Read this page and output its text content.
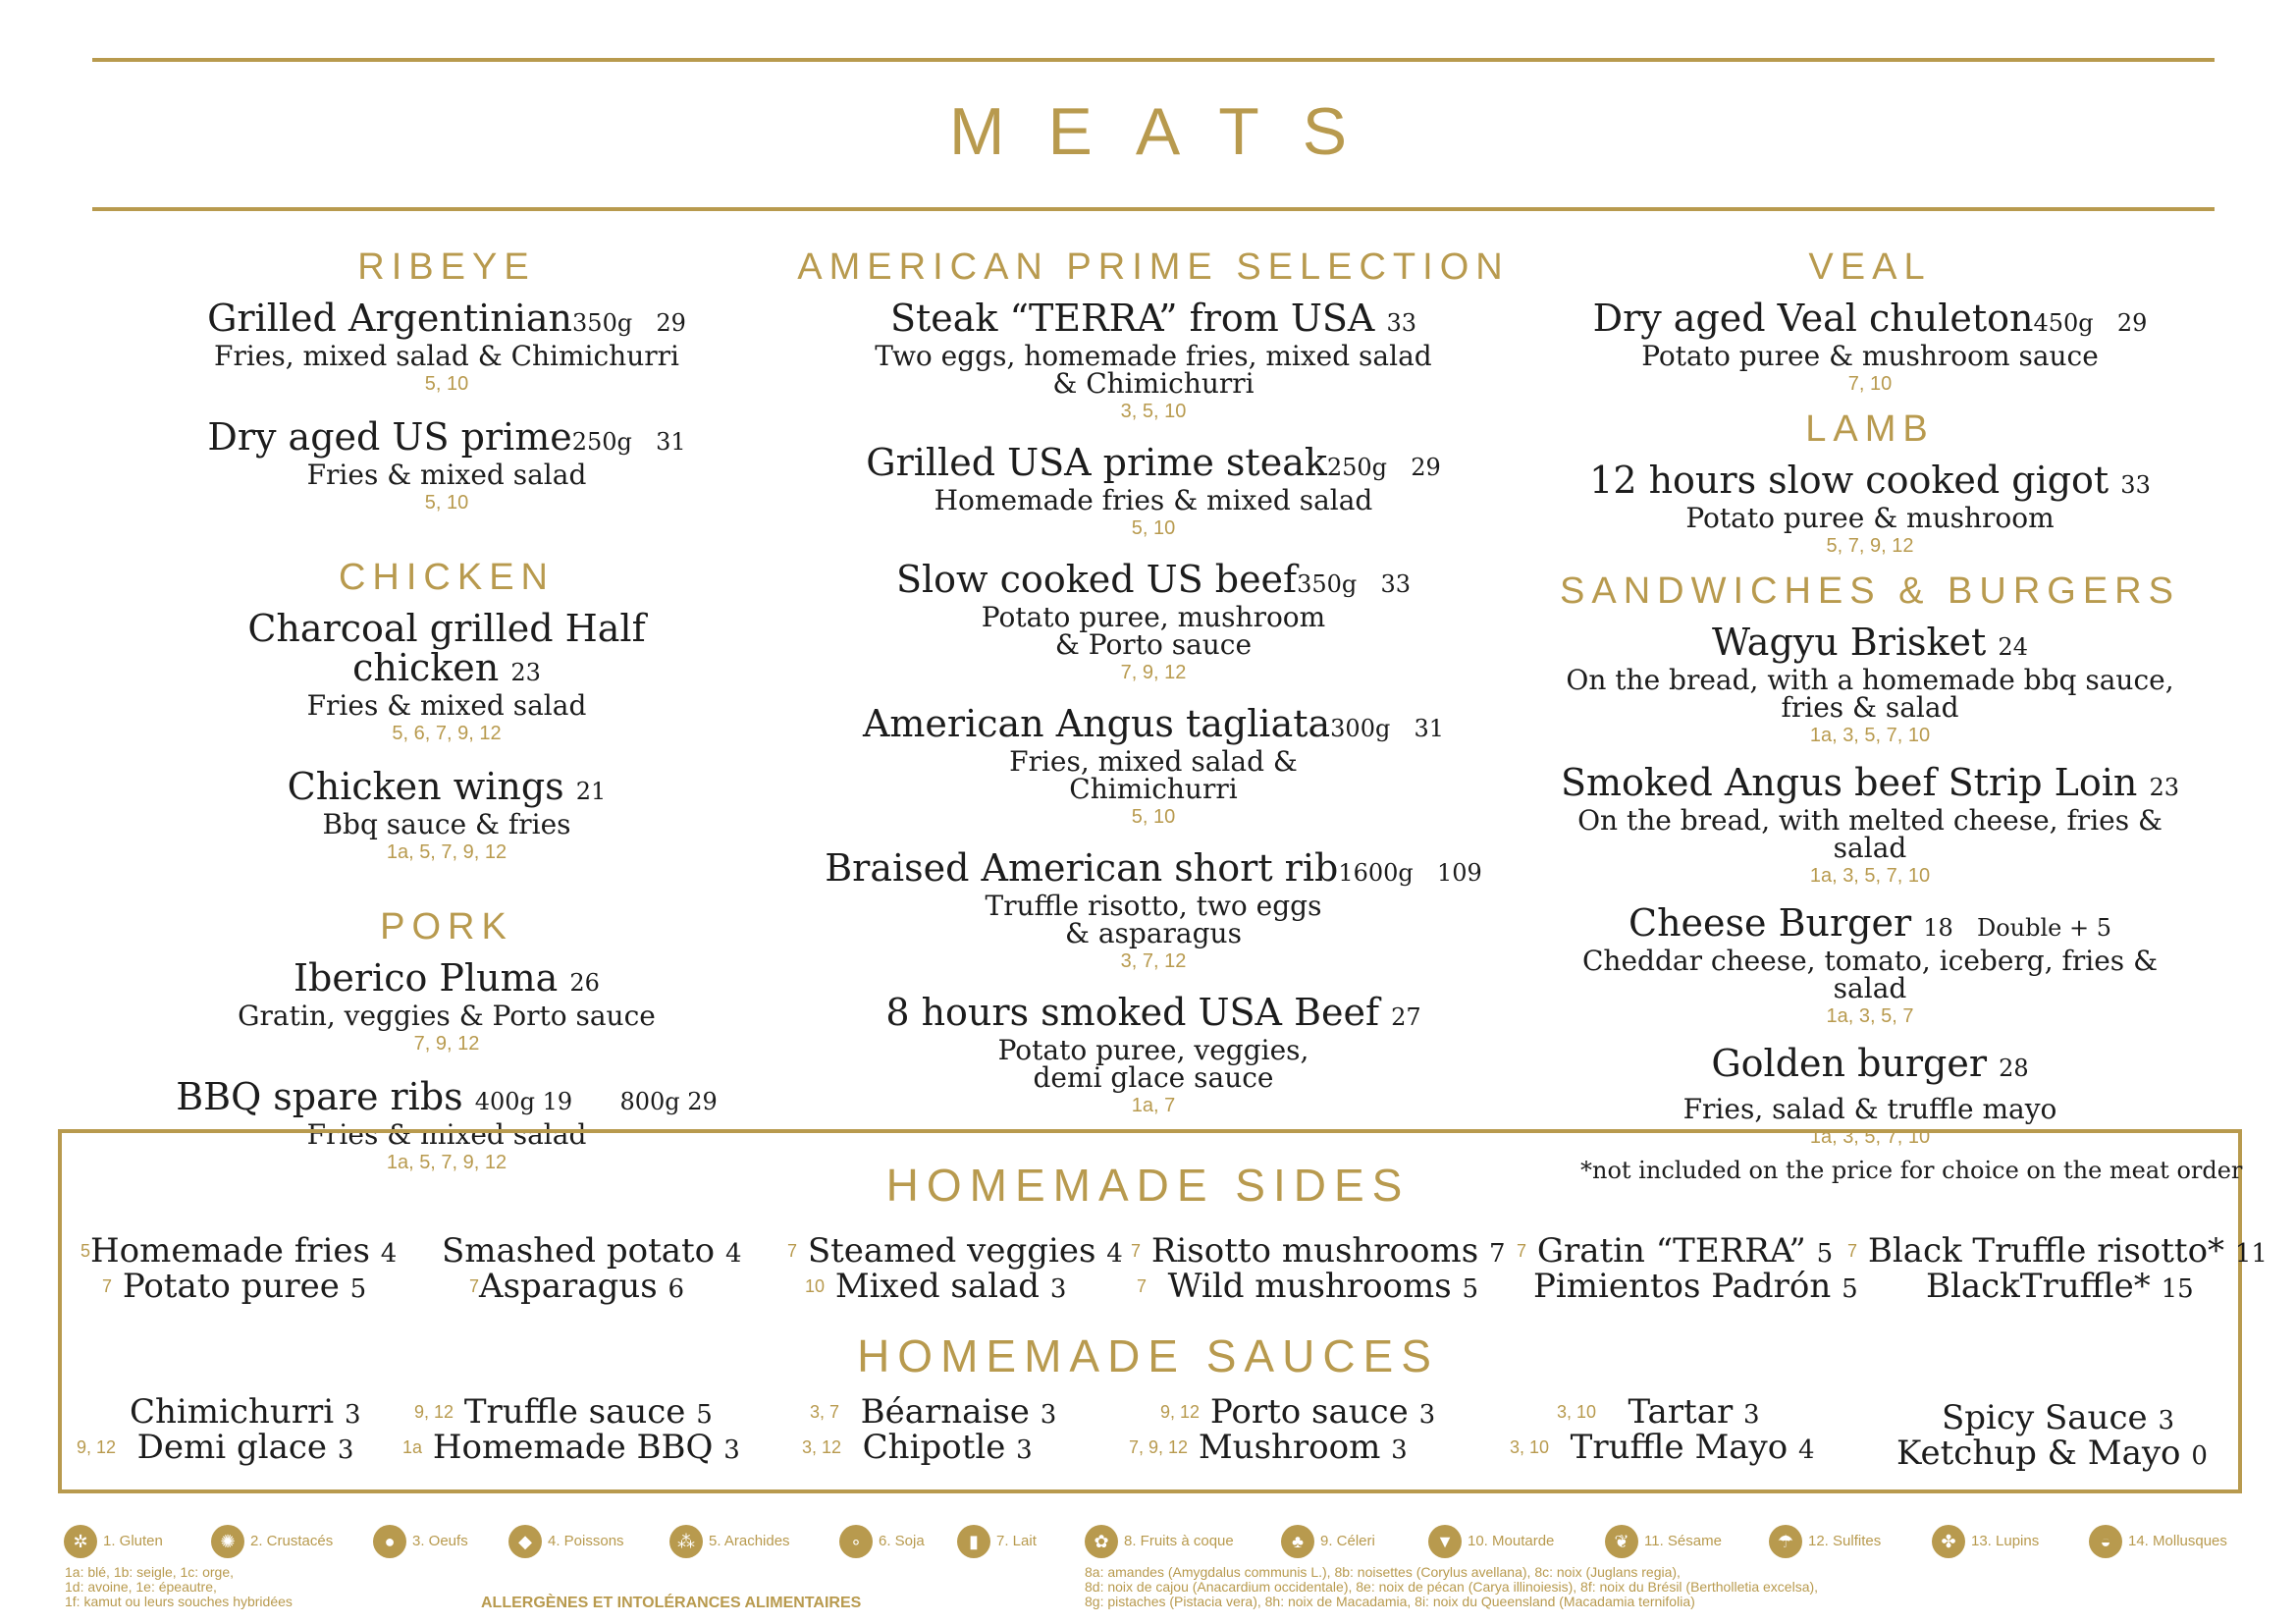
MEATS
RIBEYE
Grilled Argentinian350g 29
Fries, mixed salad & Chimichurri
5, 10
Dry aged US prime250g 31
Fries & mixed salad
5, 10
CHICKEN
Charcoal grilled Half chicken 23
Fries & mixed salad
5, 6, 7, 9, 12
Chicken wings 21
Bbq sauce & fries
1a, 5, 7, 9, 12
PORK
Iberico Pluma 26
Gratin, veggies & Porto sauce
7, 9, 12
BBQ spare ribs 400g 19 800g 29
Fries & mixed salad
1a, 5, 7, 9, 12
AMERICAN PRIME SELECTION
Steak “TERRA” from USA 33
Two eggs, homemade fries, mixed salad
& Chimichurri
3, 5, 10
Grilled USA prime steak250g 29
Homemade fries & mixed salad
5, 10
Slow cooked US beef350g 33
Potato puree, mushroom
& Porto sauce
7, 9, 12
American Angus tagliata300g 31
Fries, mixed salad &
Chimichurri
5, 10
Braised American short rib1600g 109
Truffle risotto, two eggs
& asparagus
3, 7, 12
8 hours smoked USA Beef 27
Potato puree, veggies,
demi glace sauce
1a, 7
VEAL
Dry aged Veal chuleton450g 29
Potato puree & mushroom sauce
7, 10
LAMB
12 hours slow cooked gigot 33
Potato puree & mushroom
5, 7, 9, 12
SANDWICHES & BURGERS
Wagyu Brisket 24
On the bread, with a homemade bbq sauce,
fries & salad
1a, 3, 5, 7, 10
Smoked Angus beef Strip Loin 23
On the bread, with melted cheese, fries & salad
1a, 3, 5, 7, 10
Cheese Burger 18 Double + 5
Cheddar cheese, tomato, iceberg, fries & salad
1a, 3, 5, 7
Golden burger 28
Fries, salad & truffle mayo
1a, 3, 5, 7, 10
HOMEMADE SIDES	*not included on the price for choice on the meat order
$^5$Homemade fries 4
$^7$ Potato puree 5
Smashed potato 4
$^7$Asparagus 6
$^7$ Steamed veggies 4
$^{10}$ Mixed salad 3
$^7$ Risotto mushrooms 7
$^7$ Wild mushrooms 5
$^7$ Gratin “TERRA” 5
Pimientos Padrón 5
$^7$ Black Truffle risotto* 11
BlackTruffle* 15
HOMEMADE SAUCES
Chimichurri 3
$^{9, 12}$ Demi glace 3
$^{9, 12}$ Truffle sauce 5
$^{1a}$ Homemade BBQ 3
$^{3, 7}$ Béarnaise 3
$^{3, 12}$ Chipotle 3
$^{9, 12}$ Porto sauce 3
$^{7, 9, 12}$ Mushroom 3
$^{3, 10}$ Tartar 3
$^{3, 10}$ Truffle Mayo 4
Spicy Sauce 3
Ketchup & Mayo 0
✲ 1. Gluten	✺ 2. Crustacés	● 3. Oeufs	◆ 4. Poissons	⁂ 5. Arachides	∘ 6. Soja	▮ 7. Lait	✿ 8. Fruits à coque	♣ 9. Céleri	▼ 10. Moutarde	❦ 11. Sésame	☂ 12. Sulfites	✤ 13. Lupins	◒ 14. Mollusques
1a: blé, 1b: seigle, 1c: orge,
1d: avoine, 1e: épeautre,
1f: kamut ou leurs souches hybridées	ALLERGÈNES ET INTOLÉRANCES ALIMENTAIRES
8a: amandes (Amygdalus communis L.), 8b: noisettes (Corylus avellana), 8c: noix (Juglans regia),
8d: noix de cajou (Anacardium occidentale), 8e: noix de pécan (Carya illinoiesis), 8f: noix du Brésil (Bertholletia excelsa),
8g: pistaches (Pistacia vera), 8h: noix de Macadamia, 8i: noix du Queensland (Macadamia ternifolia)
